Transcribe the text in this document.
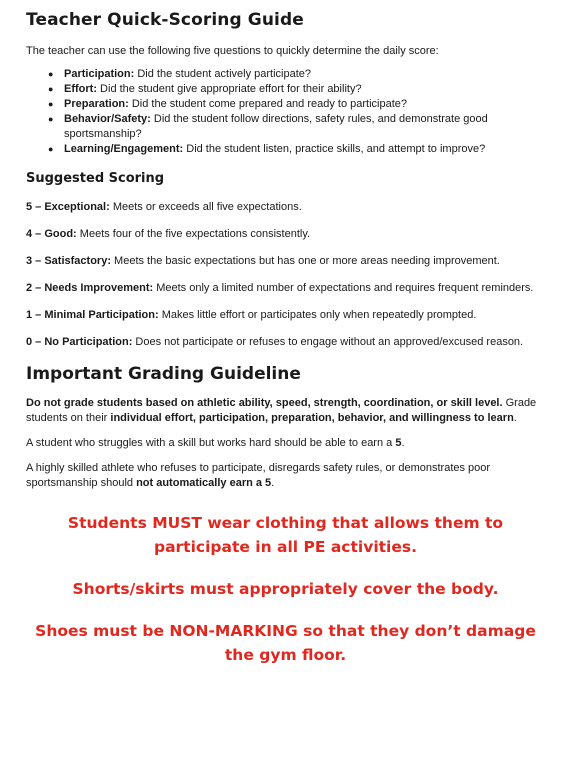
Teacher Quick-Scoring Guide

The teacher can use the following five questions to quickly determine the daily score:

● Participation: Did the student actively participate?
● Effort: Did the student give appropriate effort for their ability?
● Preparation: Did the student come prepared and ready to participate?
● Behavior/Safety: Did the student follow directions, safety rules, and demonstrate good sportsmanship?
● Learning/Engagement: Did the student listen, practice skills, and attempt to improve?
Suggested Scoring

5 – Exceptional: Meets or exceeds all five expectations.

4 – Good: Meets four of the five expectations consistently.

3 – Satisfactory: Meets the basic expectations but has one or more areas needing improvement.

2 – Needs Improvement: Meets only a limited number of expectations and requires frequent reminders.

1 – Minimal Participation: Makes little effort or participates only when repeatedly prompted.

0 – No Participation: Does not participate or refuses to engage without an approved/excused reason.

Important Grading Guideline

Do not grade students based on athletic ability, speed, strength, coordination, or skill level. Grade students on their individual effort, participation, preparation, behavior, and willingness to learn.

A student who struggles with a skill but works hard should be able to earn a 5.

A highly skilled athlete who refuses to participate, disregards safety rules, or demonstrates poor sportsmanship should not automatically earn a 5.

Students MUST wear clothing that allows them to participate in all PE activities.
Shorts/skirts must appropriately cover the body.
Shoes must be NON-MARKING so that they don’t damage the gym floor.
